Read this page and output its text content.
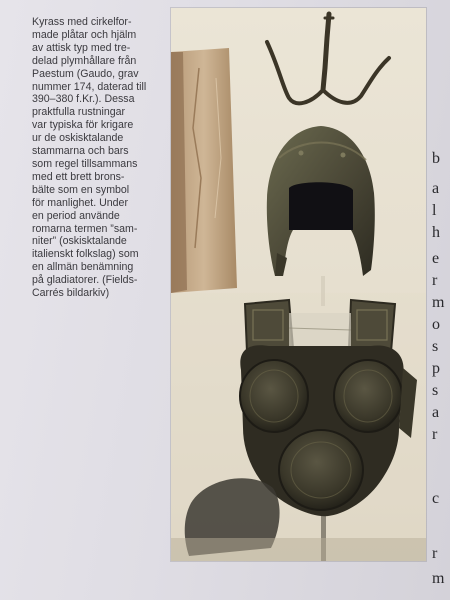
Kyrass med cirkelfor-
made plåtar och hjälm
av attisk typ med tre-
delad plymhållare från
Paestum (Gaudo, grav
nummer 174, daterad till
390–380 f.Kr.). Dessa
praktfulla rustningar
var typiska för krigare
ur de oskisktalande
stammarna och bars
som regel tillsammans
med ett brett brons-
bälte som en symbol
för manlighet. Under
en period använde
romarna termen ”sam-
niter” (oskisktalande
italienskt folkslag) som
en allmän benämning
på gladiatorer. (Fields-
Carrés bildarkiv)
b
a
l
h
e
r
m
o
s
p
s
a
r
c
r
m
